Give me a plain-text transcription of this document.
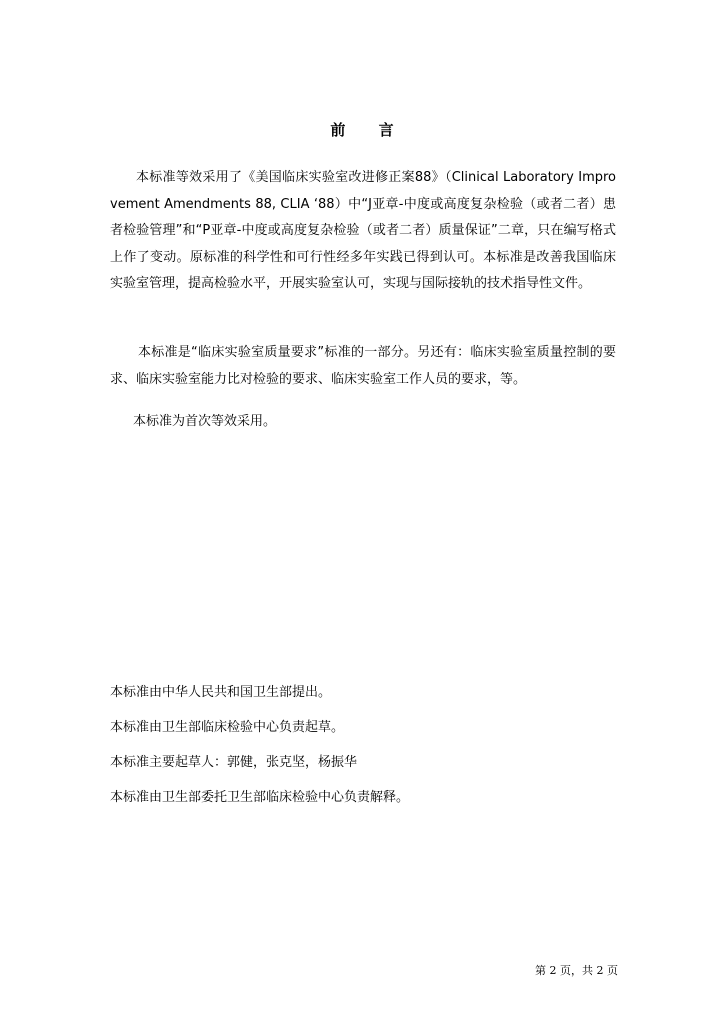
前 言

本标准等效采用了《美国临床实验室改进修正案88》（Clinical Laboratory Improvement Amendments 88, CLIA ‘88）中“J亚章-中度或高度复杂检验（或者二者）患者检验管理”和“P亚章-中度或高度复杂检验（或者二者）质量保证”二章，只在编写格式上作了变动。原标准的科学性和可行性经多年实践已得到认可。本标准是改善我国临床实验室管理，提高检验水平，开展实验室认可，实现与国际接轨的技术指导性文件。

本标准是“临床实验室质量要求”标准的一部分。另还有：临床实验室质量控制的要求、临床实验室能力比对检验的要求、临床实验室工作人员的要求，等。

本标准为首次等效采用。

本标准由中华人民共和国卫生部提出。
本标准由卫生部临床检验中心负责起草。
本标准主要起草人：郭健，张克坚，杨振华
本标准由卫生部委托卫生部临床检验中心负责解释。
第 2 页，共 2 页
